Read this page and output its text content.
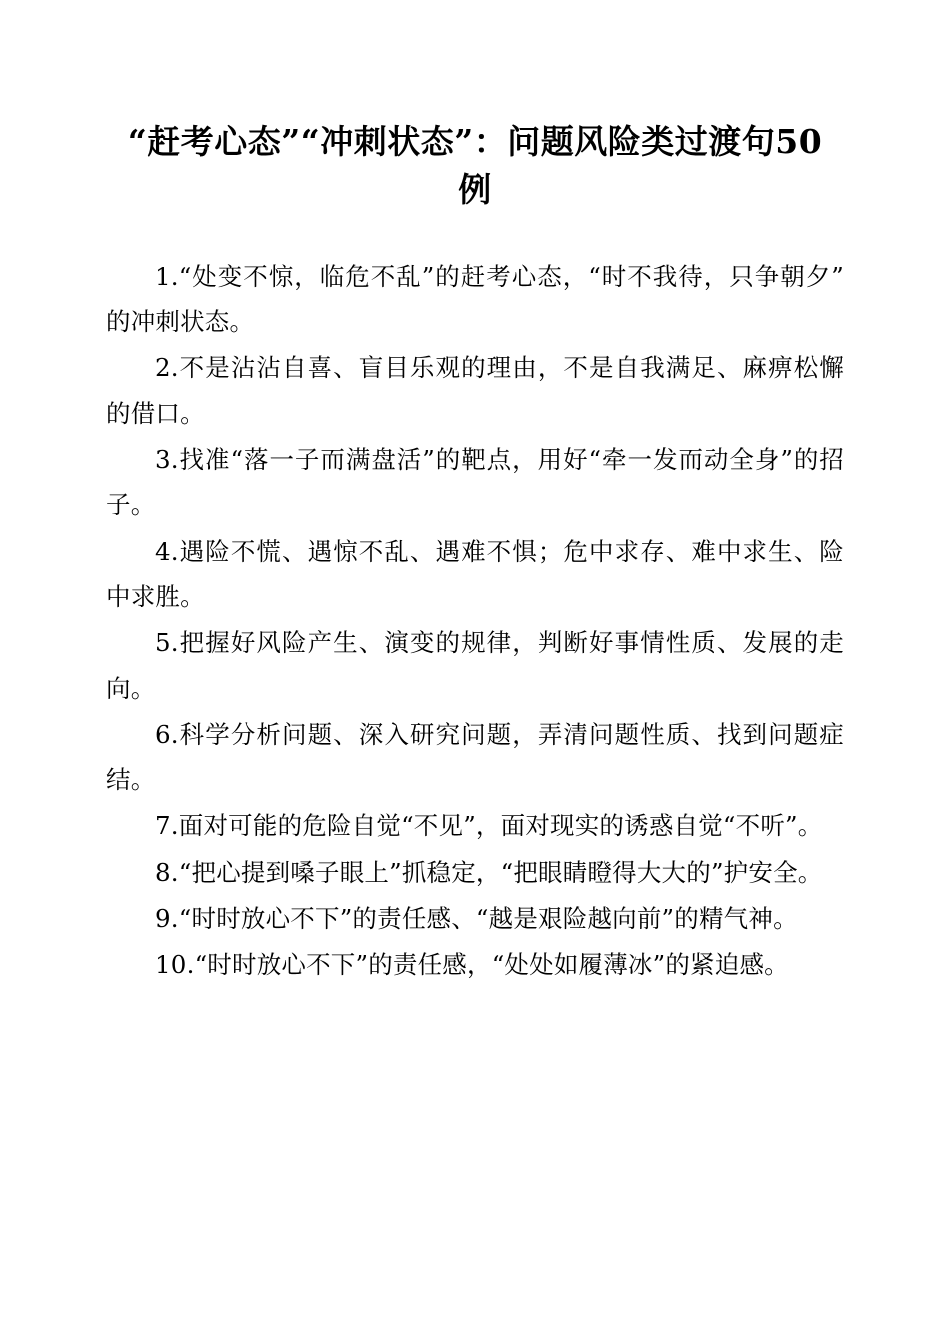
“赶考心态”“冲刺状态”：问题风险类过渡句50例

1.“处变不惊，临危不乱”的赶考心态，“时不我待，只争朝夕”的冲刺状态。

2.不是沾沾自喜、盲目乐观的理由，不是自我满足、麻痹松懈的借口。

3.找准“落一子而满盘活”的靶点，用好“牵一发而动全身”的招子。

4.遇险不慌、遇惊不乱、遇难不惧；危中求存、难中求生、险中求胜。

5.把握好风险产生、演变的规律，判断好事情性质、发展的走向。

6.科学分析问题、深入研究问题，弄清问题性质、找到问题症结。

7.面对可能的危险自觉“不见”，面对现实的诱惑自觉“不听”。

8.“把心提到嗓子眼上”抓稳定，“把眼睛瞪得大大的”护安全。

9.“时时放心不下”的责任感、“越是艰险越向前”的精气神。

10.“时时放心不下”的责任感，“处处如履薄冰”的紧迫感。
